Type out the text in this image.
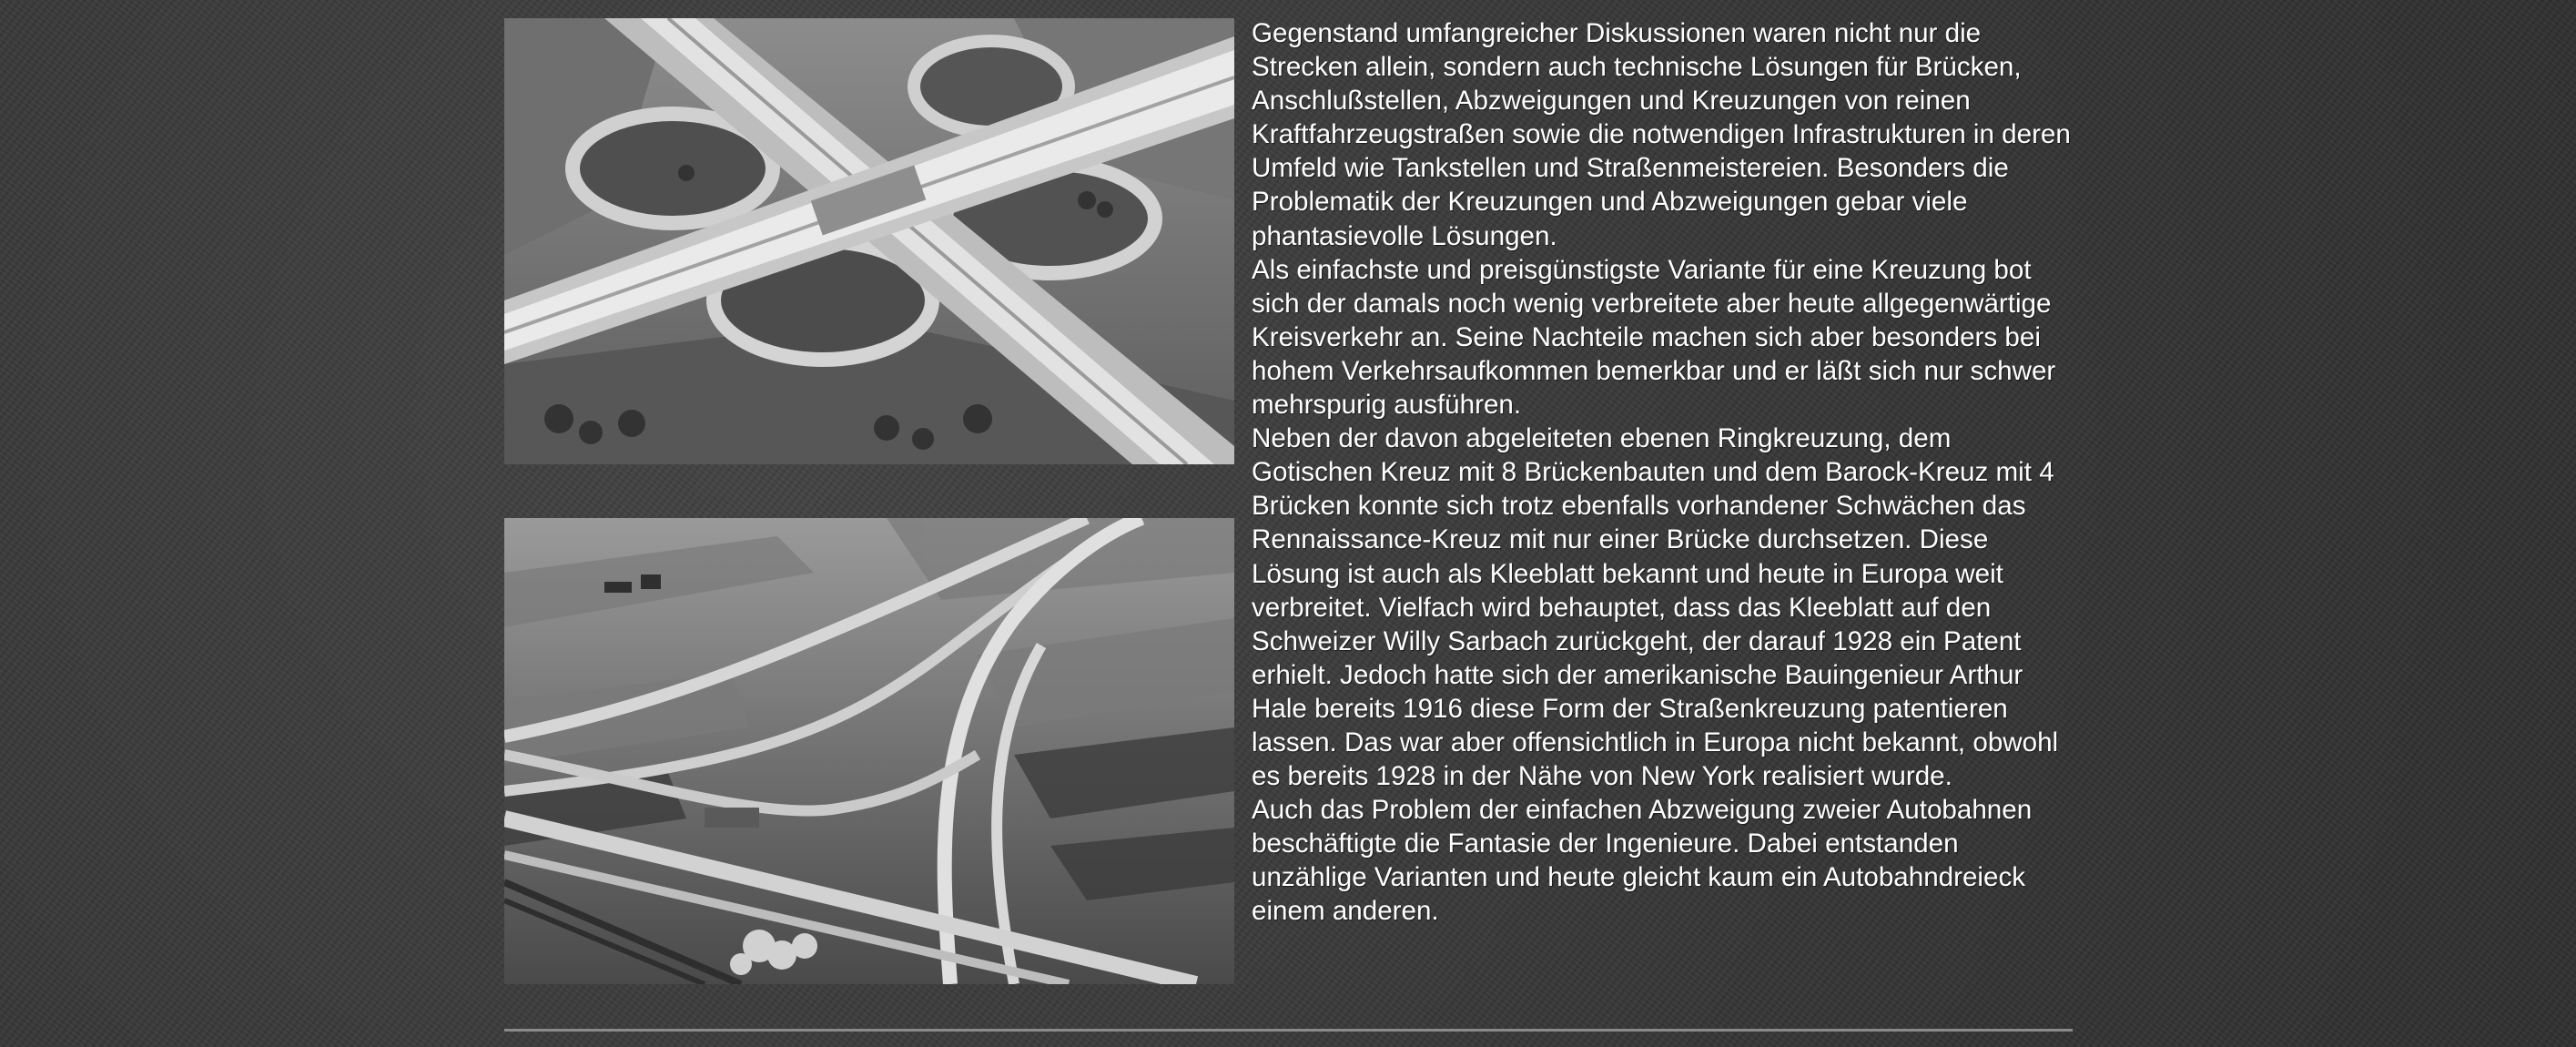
Gegenstand umfangreicher Diskussionen waren nicht nur die Strecken allein, sondern auch technische Lösungen für Brücken, Anschlußstellen, Abzweigungen und Kreuzungen von reinen Kraftfahrzeugstraßen sowie die notwendigen Infrastrukturen in deren Umfeld wie Tankstellen und Straßenmeistereien. Besonders die Problematik der Kreuzungen und Abzweigungen gebar viele phantasievolle Lösungen.

Als einfachste und preisgünstigste Variante für eine Kreuzung bot sich der damals noch wenig verbreitete aber heute allgegenwärtige Kreisverkehr an. Seine Nachteile machen sich aber besonders bei hohem Verkehrsaufkommen bemerkbar und er läßt sich nur schwer mehrspurig ausführen.

Neben der davon abgeleiteten ebenen Ringkreuzung, dem Gotischen Kreuz mit 8 Brückenbauten und dem Barock-Kreuz mit 4 Brücken konnte sich trotz ebenfalls vorhandener Schwächen das Rennaissance-Kreuz mit nur einer Brücke durchsetzen. Diese Lösung ist auch als Kleeblatt bekannt und heute in Europa weit verbreitet. Vielfach wird behauptet, dass das Kleeblatt auf den Schweizer Willy Sarbach zurückgeht, der darauf 1928 ein Patent erhielt. Jedoch hatte sich der amerikanische Bauingenieur Arthur Hale bereits 1916 diese Form der Straßenkreuzung patentieren lassen. Das war aber offensichtlich in Europa nicht bekannt, obwohl es bereits 1928 in der Nähe von New York realisiert wurde.

Auch das Problem der einfachen Abzweigung zweier Autobahnen beschäftigte die Fantasie der Ingenieure. Dabei entstanden unzählige Varianten und heute gleicht kaum ein Autobahndreieck einem anderen.
